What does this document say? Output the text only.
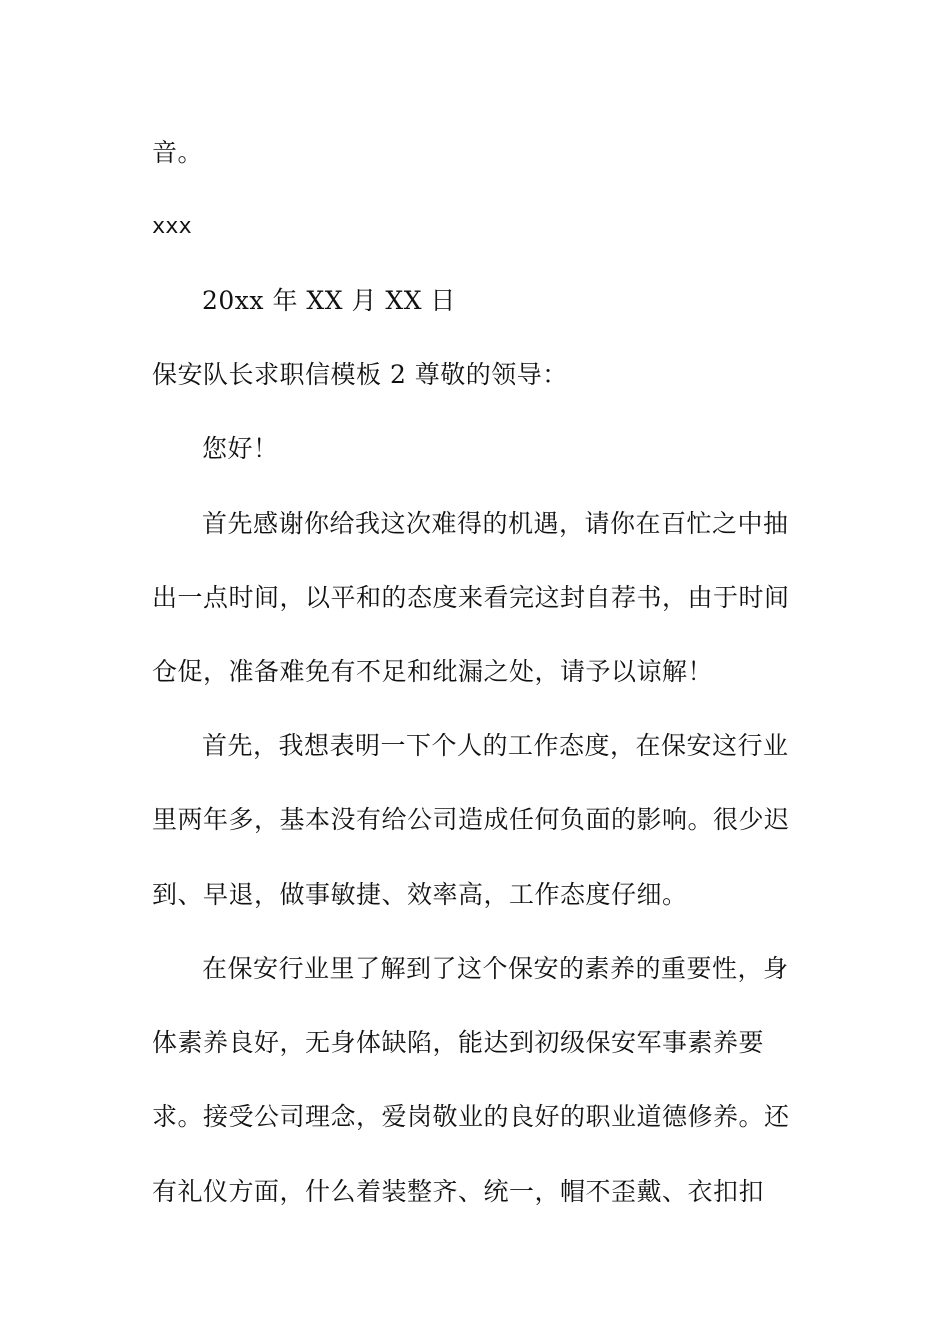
音。
xxx
20xx 年 XX 月 XX 日
保安队长求职信模板 2 尊敬的领导：
您好！
首先感谢你给我这次难得的机遇，请你在百忙之中抽
出一点时间，以平和的态度来看完这封自荐书，由于时间
仓促，准备难免有不足和纰漏之处，请予以谅解！
首先，我想表明一下个人的工作态度，在保安这行业
里两年多，基本没有给公司造成任何负面的影响。很少迟
到、早退，做事敏捷、效率高，工作态度仔细。
在保安行业里了解到了这个保安的素养的重要性，身
体素养良好，无身体缺陷，能达到初级保安军事素养要
求。接受公司理念，爱岗敬业的良好的职业道德修养。还
有礼仪方面，什么着装整齐、统一，帽不歪戴、衣扣扣
